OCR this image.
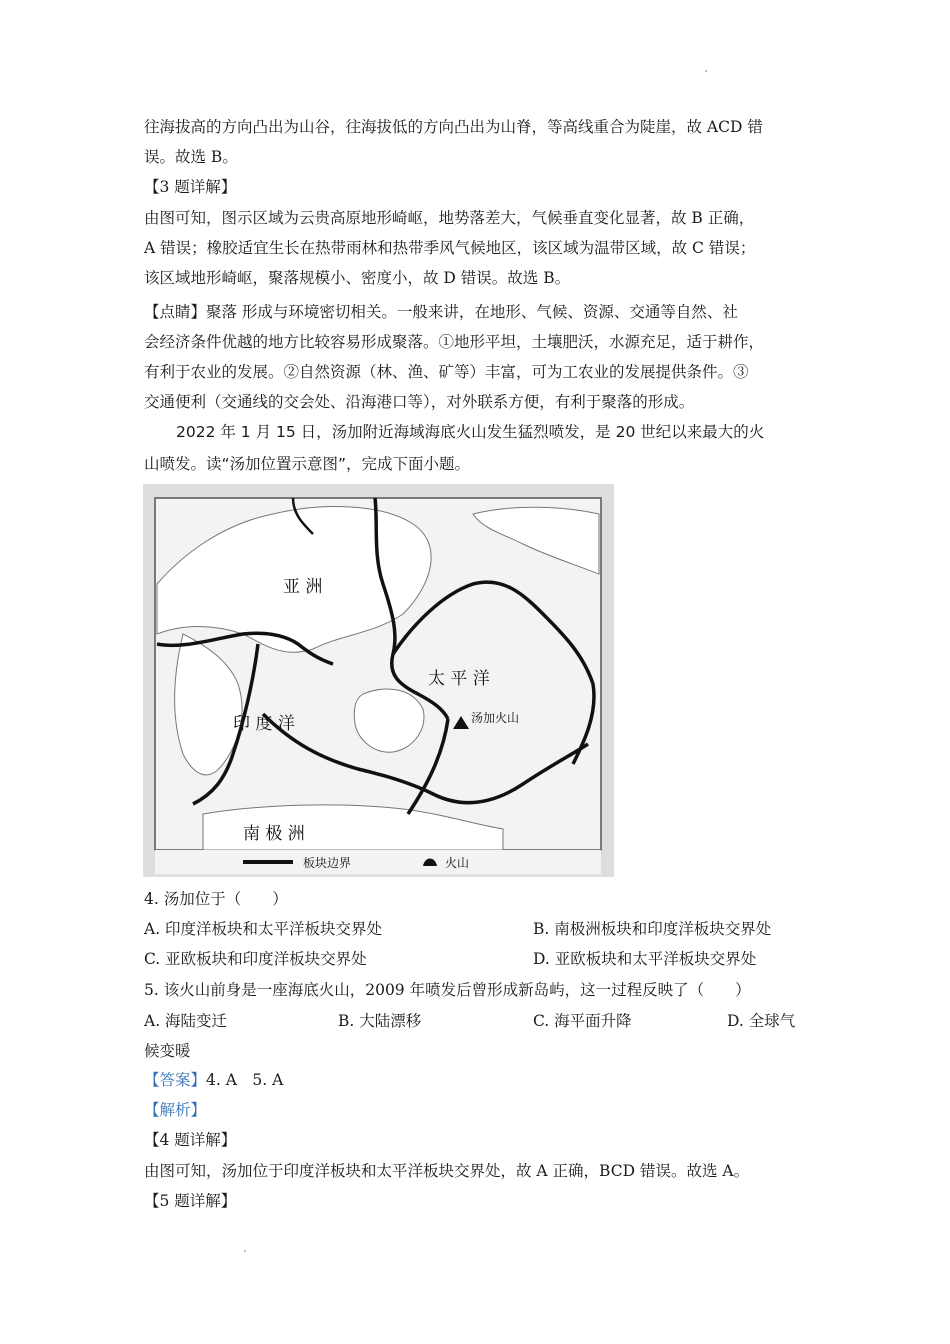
往海拔高的方向凸出为山谷，往海拔低的方向凸出为山脊，等高线重合为陡崖，故 ACD 错
误。故选 B。
【3 题详解】
由图可知，图示区域为云贵高原地形崎岖，地势落差大，气候垂直变化显著，故 B 正确，
A 错误；橡胶适宜生长在热带雨林和热带季风气候地区，该区域为温带区域，故 C 错误；
该区域地形崎岖，聚落规模小、密度小，故 D 错误。故选 B。
【点睛】聚落 形成与环境密切相关。一般来讲，在地形、气候、资源、交通等自然、社
会经济条件优越的地方比较容易形成聚落。①地形平坦，土壤肥沃，水源充足，适于耕作，
有利于农业的发展。②自然资源（林、渔、矿等）丰富，可为工农业的发展提供条件。③
交通便利（交通线的交会处、沿海港口等），对外联系方便，有利于聚落的形成。
2022 年 1 月 15 日，汤加附近海域海底火山发生猛烈喷发，是 20 世纪以来最大的火
山喷发。读“汤加位置示意图”，完成下面小题。
亚 洲
太 平 洋
印 度 洋	汤加火山
南 极 洲
板块边界	火山
4. 汤加位于（　　）
A. 印度洋板块和太平洋板块交界处	B. 南极洲板块和印度洋板块交界处
C. 亚欧板块和印度洋板块交界处	D. 亚欧板块和太平洋板块交界处
5. 该火山前身是一座海底火山，2009 年喷发后曾形成新岛屿，这一过程反映了（　　）
A. 海陆变迁	B. 大陆漂移	C. 海平面升降	D. 全球气
候变暖
【答案】4. A　5. A
【解析】
【4 题详解】
由图可知，汤加位于印度洋板块和太平洋板块交界处，故 A 正确，BCD 错误。故选 A。
【5 题详解】
